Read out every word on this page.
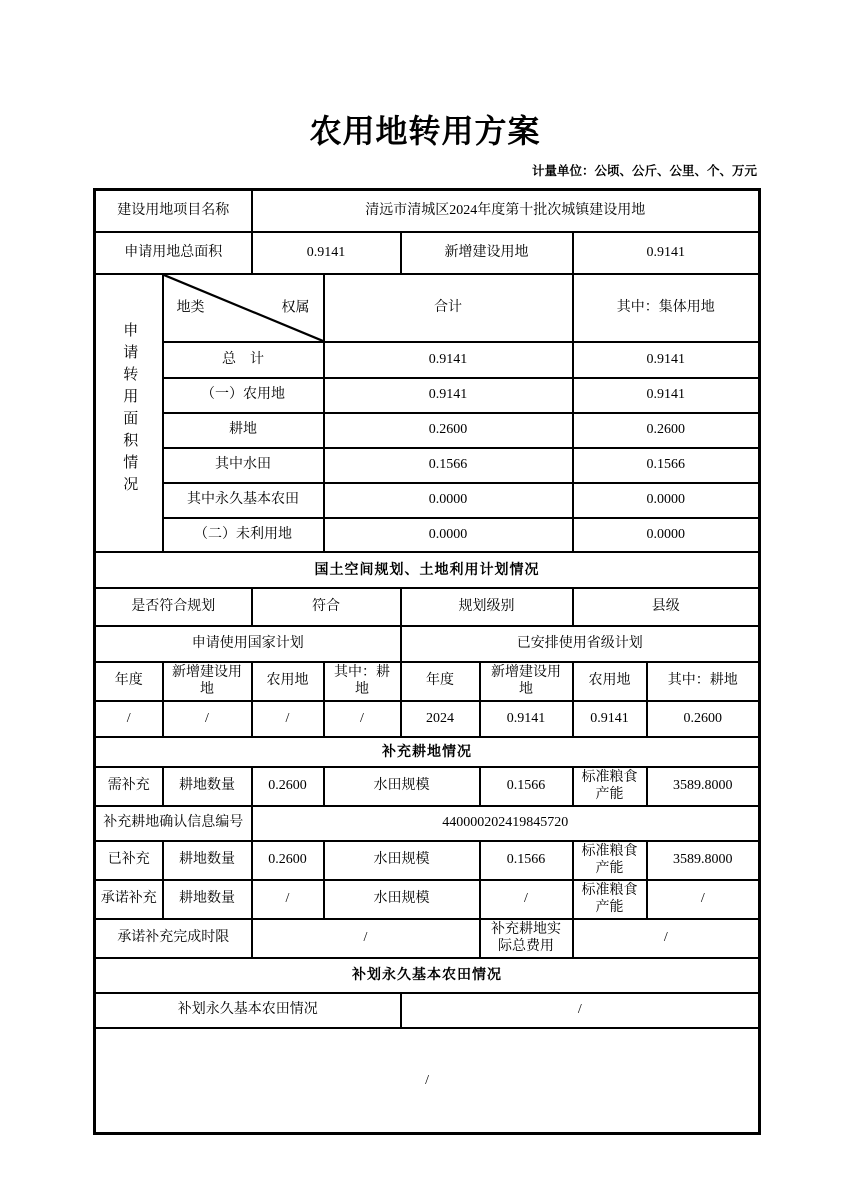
农用地转用方案
计量单位：公顷、公斤、公里、个、万元
建设用地项目名称		清远市清城区2024年度第十批次城镇建设用地					
申请用地总面积		0.9141		新增建设用地		0.9141	
申请转用面积情况	地类 权属		合计			其中：集体用地	
	总　计		0.9141			0.9141	
	（一）农用地		0.9141			0.9141	
	耕地		0.2600			0.2600	
	其中水田		0.1566			0.1566	
	其中永久基本农田		0.0000			0.0000	
	（二）未利用地		0.0000			0.0000	
国土空间规划、土地利用计划情况							
是否符合规划		符合		规划级别		县级	
申请使用国家计划				已安排使用省级计划			
年度	新增建设用地	农用地	其中：耕地	年度	新增建设用地	农用地	其中：耕地
/	/	/	/	2024	0.9141	0.9141	0.2600
补充耕地情况							
需补充	耕地数量	0.2600	水田规模		0.1566	标准粮食产能	3589.8000
补充耕地确认信息编号		440000202419845720					
已补充	耕地数量	0.2600	水田规模		0.1566	标准粮食产能	3589.8000
承诺补充	耕地数量	/	水田规模		/	标准粮食产能	/
承诺补充完成时限		/			补充耕地实际总费用	/	
补划永久基本农田情况							
补划永久基本农田情况				/			
/							
